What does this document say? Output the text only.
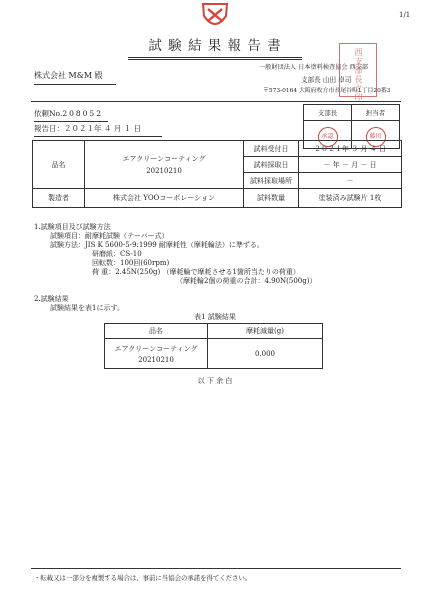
1/1
試 験 結 果 報 告 書
株式会社 M&M 殿
一般財団法人 日本塗料検査協会 西支部
支部長 山田 卓司
〒573-0164 大阪府枚方市長尾谷町1丁目20番3
西支部長之印
支部長	担当者
承認	藤田
依頼No.208052
報告日：２０２１年 ４ 月 １ 日
品名	エアクリーンコーティング
20210210	試料受付日	２０２１年 ３ 月 ４ 日
		試料採取日	－ 年 － 月 － 日
		試料採取場所	－
製造者	株式会社 YOOコーポレーション	試料数量	塗装済み試験片 1枚
1.試験項目及び試験方法
試験項目：耐摩耗試験（テーバー式）
試験方法：JIS K 5600-5-9:1999 耐摩耗性（摩耗輪法）に準ずる。
研磨紙：CS-10
回転数：100回(60rpm)
荷 重：2.45N(250g) （摩耗輪で摩耗させる1箇所当たりの荷重）
（摩耗輪2個の荷重の合計：4.90N(500g)）
2.試験結果
試験結果を表1に示す。
表1 試験結果
品名	摩耗減量(g)

エアクリーンコーティング
20210210	0.000
以 下 余 白
・転載又は一部分を複製する場合は、事前に当協会の承諾を得てください。
